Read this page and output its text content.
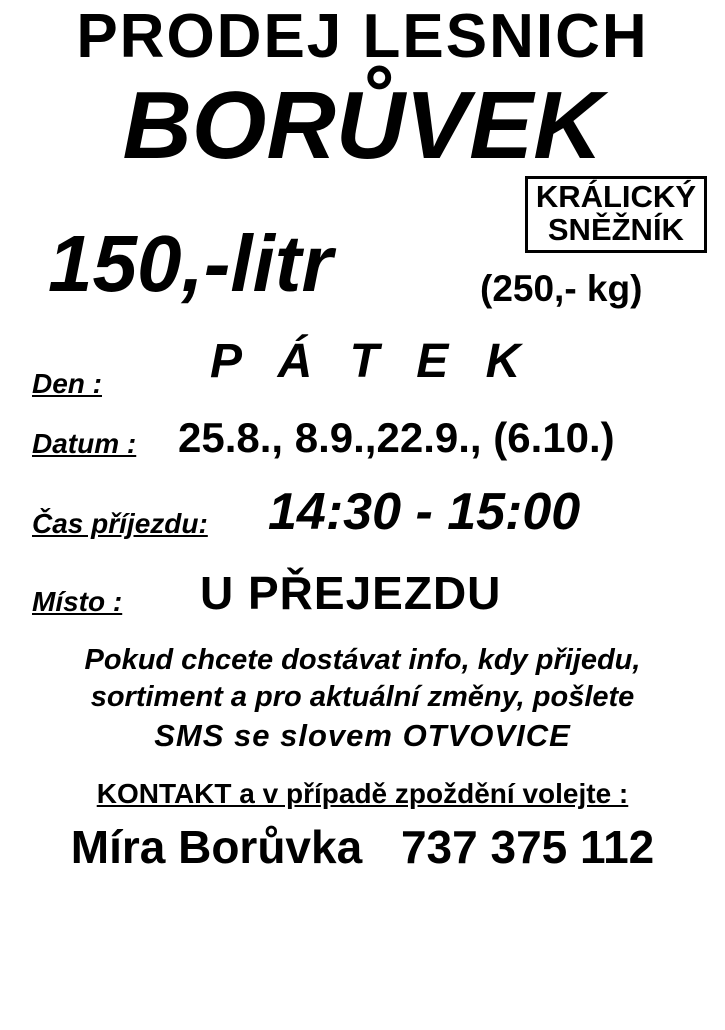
PRODEJ LESNICH
BORŮVEK
KRÁLICKÝ
SNĚŽNÍK
150,-litr	(250,- kg)
Den : P Á T E K
Datum : 25.8., 8.9.,22.9., (6.10.)
Čas příjezdu: 14:30 - 15:00
Místo : U PŘEJEZDU
Pokud chcete dostávat info, kdy přijedu,
sortiment a pro aktuální změny, pošlete
SMS se slovem OTVOVICE
KONTAKT a v případě zpoždění volejte :
Míra Borůvka 737 375 112
